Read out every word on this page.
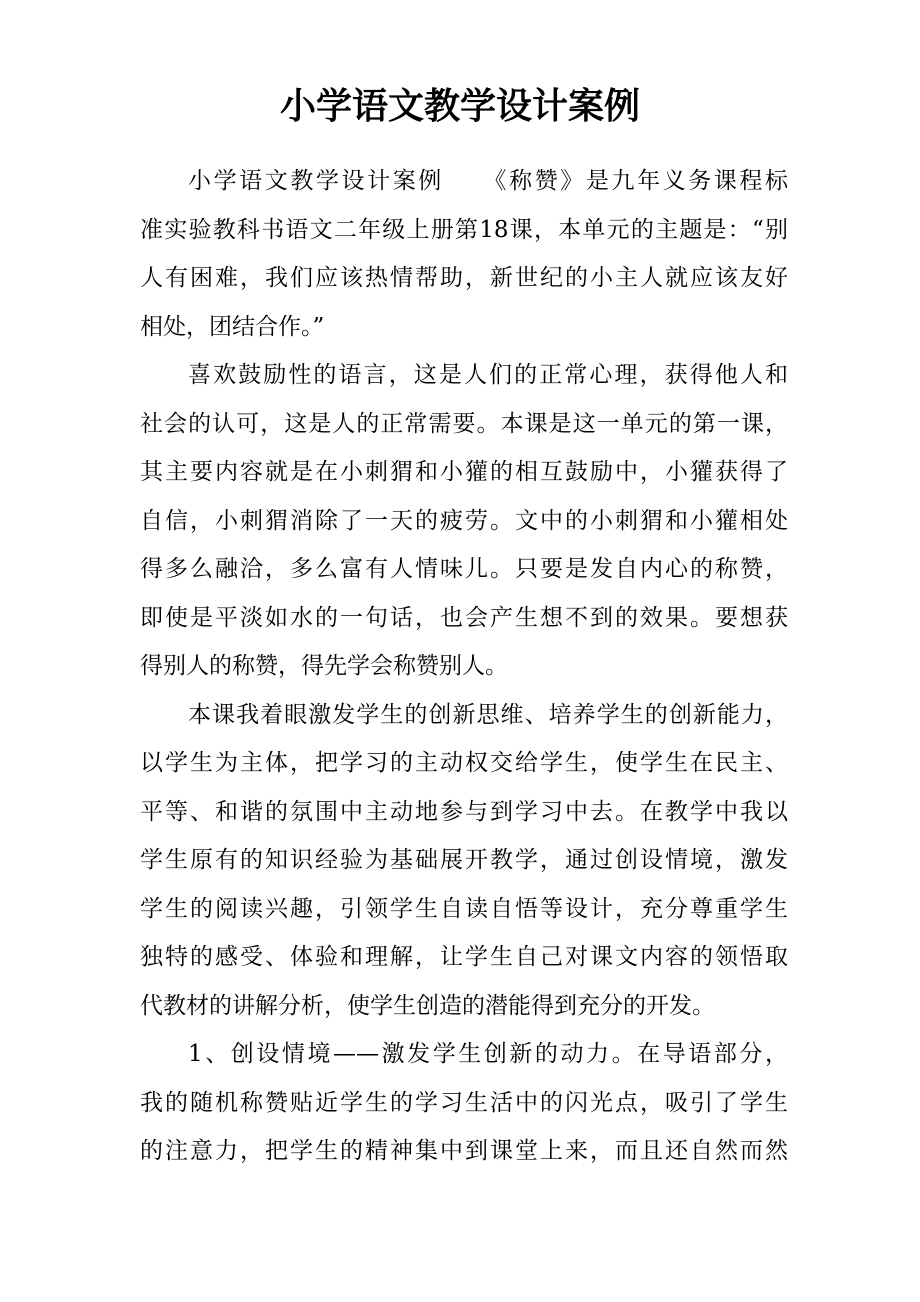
小学语文教学设计案例
小学语文教学设计案例　　《称赞》是九年义务课程标
准实验教科书语文二年级上册第18课，本单元的主题是：“别
人有困难，我们应该热情帮助，新世纪的小主人就应该友好
相处，团结合作。”
喜欢鼓励性的语言，这是人们的正常心理，获得他人和
社会的认可，这是人的正常需要。本课是这一单元的第一课，
其主要内容就是在小刺猬和小獾的相互鼓励中，小獾获得了
自信，小刺猬消除了一天的疲劳。文中的小刺猬和小獾相处
得多么融洽，多么富有人情味儿。只要是发自内心的称赞，
即使是平淡如水的一句话，也会产生想不到的效果。要想获
得别人的称赞，得先学会称赞别人。
本课我着眼激发学生的创新思维、培养学生的创新能力，
以学生为主体，把学习的主动权交给学生，使学生在民主、
平等、和谐的氛围中主动地参与到学习中去。在教学中我以
学生原有的知识经验为基础展开教学，通过创设情境，激发
学生的阅读兴趣，引领学生自读自悟等设计，充分尊重学生
独特的感受、体验和理解，让学生自己对课文内容的领悟取
代教材的讲解分析，使学生创造的潜能得到充分的开发。
1、创设情境——激发学生创新的动力。在导语部分，
我的随机称赞贴近学生的学习生活中的闪光点，吸引了学生
的注意力，把学生的精神集中到课堂上来，而且还自然而然
